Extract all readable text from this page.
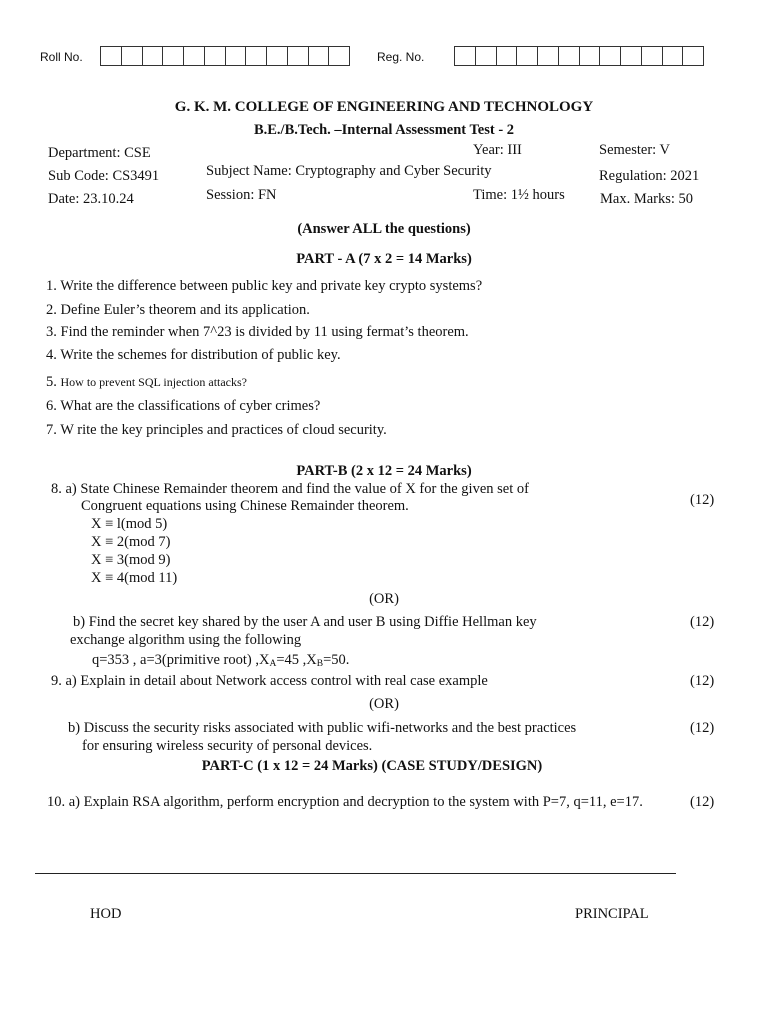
Roll No.	Reg. No.
G. K. M. COLLEGE OF ENGINEERING AND TECHNOLOGY
B.E./B.Tech. –Internal Assessment Test - 2
Department: CSE	Year: III	Semester: V
Sub Code: CS3491	Subject Name: Cryptography and Cyber Security	Regulation: 2021
Date: 23.10.24	Session: FN	Time: 1½ hours Max. Marks: 50
(Answer ALL the questions)
PART - A (7 x 2 = 14 Marks)
1. Write the difference between public key and private key crypto systems?
2. Define Euler’s theorem and its application.
3. Find the reminder when 7^23 is divided by 11 using fermat’s theorem.
4. Write the schemes for distribution of public key.
5. How to prevent SQL injection attacks?
6. What are the classifications of cyber crimes?
7. W rite the key principles and practices of cloud security.
PART-B (2 x 12 = 24 Marks)
8. a) State Chinese Remainder theorem and find the value of X for the given set of
Congruent equations using Chinese Remainder theorem.	(12)
X ≡ l(mod 5)
X ≡ 2(mod 7)
X ≡ 3(mod 9)
X ≡ 4(mod 11)
(OR)
b) Find the secret key shared by the user A and user B using Diffie Hellman key	(12)
exchange algorithm using the following
q=353 , a=3(primitive root) $,X_A=45$ $,X_B=50$.
9. a) Explain in detail about Network access control with real case example	(12)
(OR)
b) Discuss the security risks associated with public wifi-networks and the best practices	(12)
for ensuring wireless security of personal devices.
PART-C (1 x 12 = 24 Marks) (CASE STUDY/DESIGN)
10. a) Explain RSA algorithm, perform encryption and decryption to the system with P=7, q=11, e=17.	(12)
HOD	PRINCIPAL
